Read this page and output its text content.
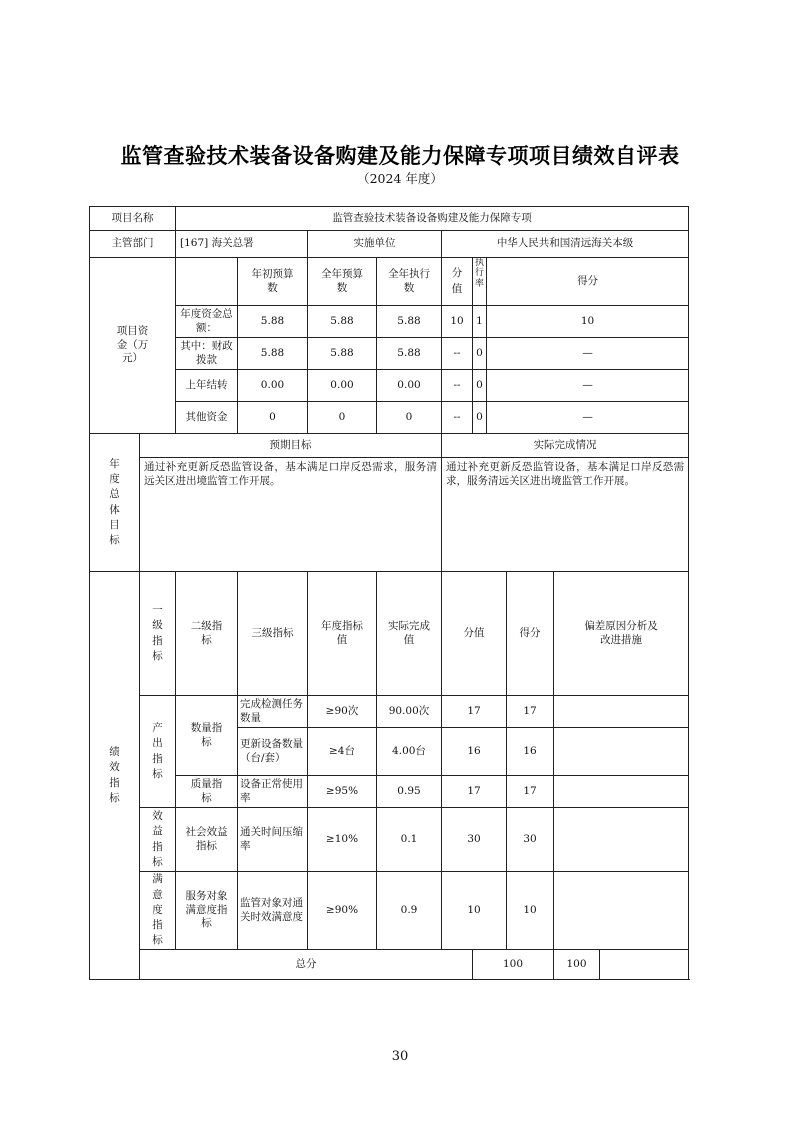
监管查验技术装备设备购建及能力保障专项项目绩效自评表
（2024 年度）
项目名称		监管查验技术装备设备购建及能力保障专项									
主管部门		[167] 海关总署		实施单位		中华人民共和国清远海关本级					
项目资金（万元）			年初预算数	全年预算数	全年执行数	分值	执行率	得分			
		年度资金总额：	5.88	5.88	5.88	10	1	10			
		其中：财政拨款	5.88	5.88	5.88	--	0	—			
		上年结转	0.00	0.00	0.00	--	0	—			
		其他资金	0	0	0	--	0	—			
年度总体目标	预期目标					实际完成情况					
	通过补充更新反恐监管设备，基本满足口岸反恐需求，服务清远关区进出境监管工作开展。					通过补充更新反恐监管设备，基本满足口岸反恐需求，服务清远关区进出境监管工作开展。					
绩效指标	一级指标	二级指标	三级指标	年度指标值	实际完成值	分值			得分	偏差原因分析及改进措施	
	产出指标	数量指标	完成检测任务数量	≥90次	90.00次	17			17		
			更新设备数量（台/套）	≥4台	4.00台	16			16		
		质量指标	设备正常使用率	≥95%	0.95	17			17		
	效益指标	社会效益指标	通关时间压缩率	≥10%	0.1	30			30		
	满意度指标	服务对象满意度指标	监管对象对通关时效满意度	≥90%	0.9	10			10		
	总分						100			100	
30
